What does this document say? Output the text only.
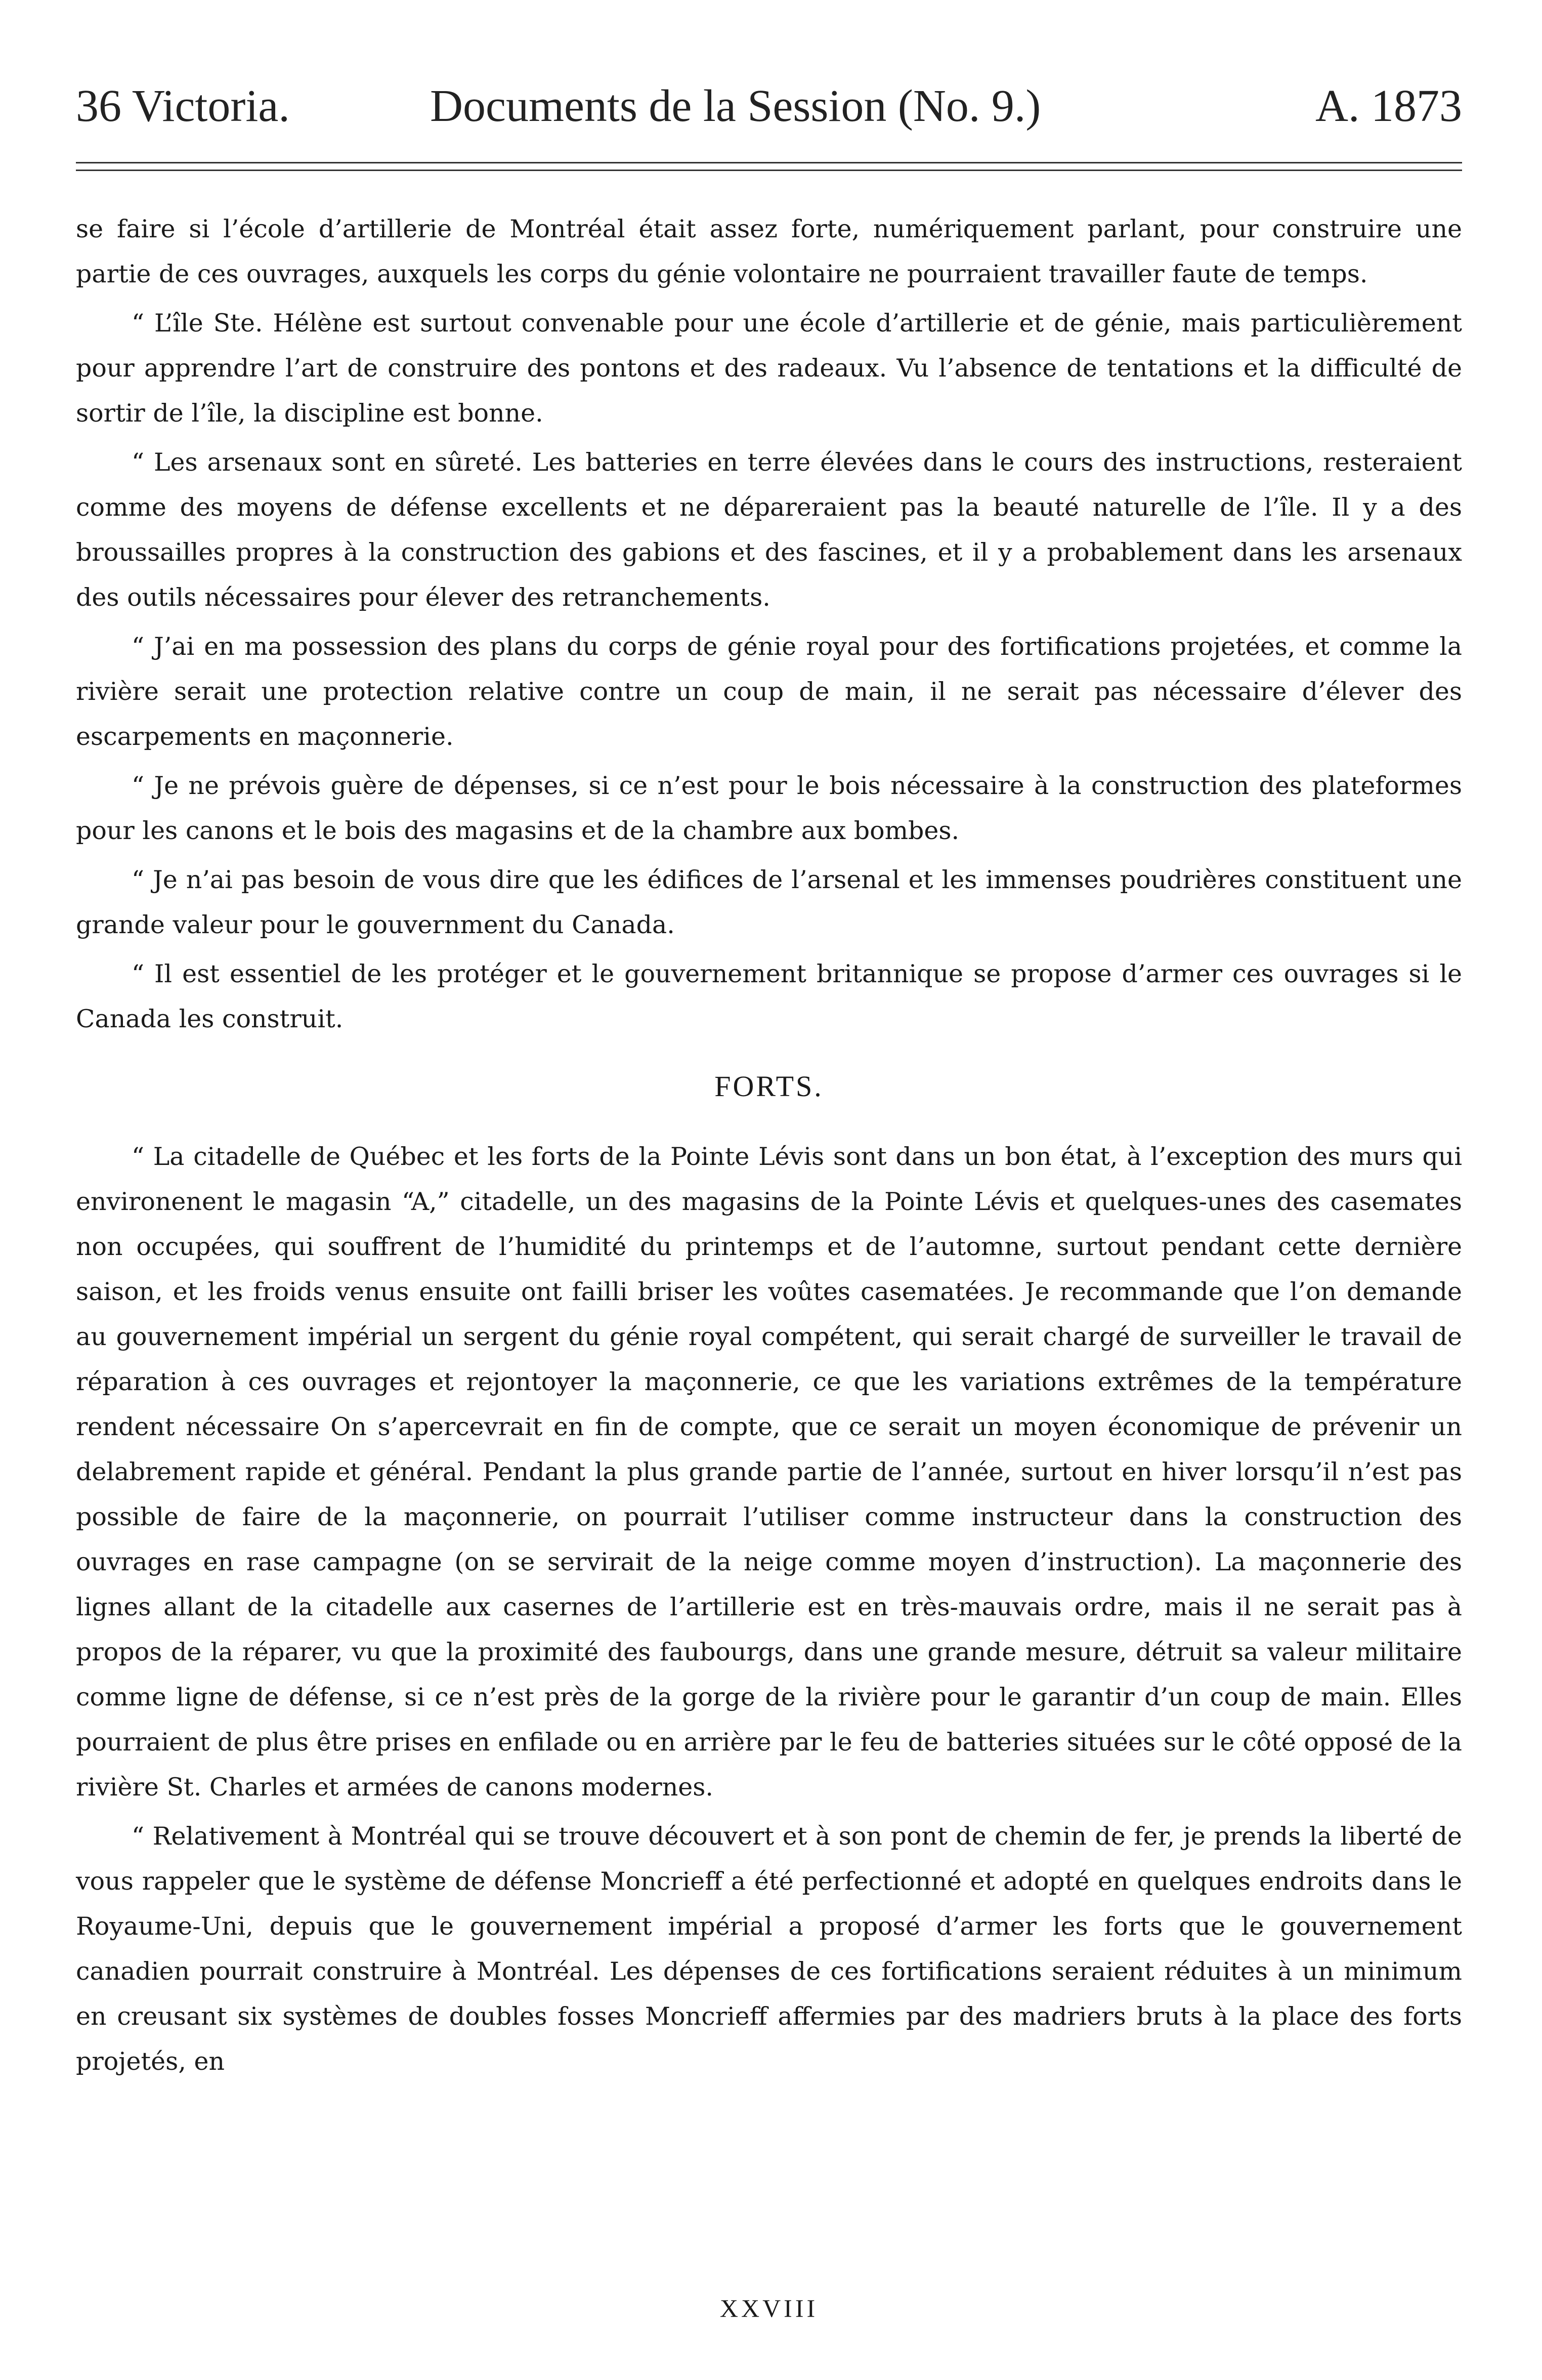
36 Victoria.	Documents de la Session (No. 9.)	A. 1873

se faire si l’école d’artillerie de Montréal était assez forte, numériquement parlant, pour construire une partie de ces ouvrages, auxquels les corps du génie volontaire ne pourraient travailler faute de temps.

“ L’île Ste. Hélène est surtout convenable pour une école d’artillerie et de génie, mais particulièrement pour apprendre l’art de construire des pontons et des radeaux. Vu l’absence de tentations et la difficulté de sortir de l’île, la discipline est bonne.

“ Les arsenaux sont en sûreté. Les batteries en terre élevées dans le cours des instructions, resteraient comme des moyens de défense excellents et ne dépareraient pas la beauté naturelle de l’île. Il y a des broussailles propres à la construction des gabions et des fascines, et il y a probablement dans les arsenaux des outils nécessaires pour élever des retranchements.

“ J’ai en ma possession des plans du corps de génie royal pour des fortifications projetées, et comme la rivière serait une protection relative contre un coup de main, il ne serait pas nécessaire d’élever des escarpements en maçonnerie.

“ Je ne prévois guère de dépenses, si ce n’est pour le bois nécessaire à la construction des plateformes pour les canons et le bois des magasins et de la chambre aux bombes.

“ Je n’ai pas besoin de vous dire que les édifices de l’arsenal et les immenses poudrières constituent une grande valeur pour le gouvernment du Canada.

“ Il est essentiel de les protéger et le gouvernement britannique se propose d’armer ces ouvrages si le Canada les construit.

FORTS.

“ La citadelle de Québec et les forts de la Pointe Lévis sont dans un bon état, à l’exception des murs qui environenent le magasin “A,” citadelle, un des magasins de la Pointe Lévis et quelques-unes des casemates non occupées, qui souffrent de l’humidité du printemps et de l’automne, surtout pendant cette dernière saison, et les froids venus ensuite ont failli briser les voûtes casematées. Je recommande que l’on demande au gouvernement impérial un sergent du génie royal compétent, qui serait chargé de surveiller le travail de réparation à ces ouvrages et rejontoyer la maçonnerie, ce que les variations extrêmes de la température rendent nécessaire On s’apercevrait en fin de compte, que ce serait un moyen économique de prévenir un delabrement rapide et général. Pendant la plus grande partie de l’année, surtout en hiver lorsqu’il n’est pas possible de faire de la maçonnerie, on pourrait l’utiliser comme instructeur dans la construction des ouvrages en rase campagne (on se servirait de la neige comme moyen d’instruction). La maçonnerie des lignes allant de la citadelle aux casernes de l’artillerie est en très-mauvais ordre, mais il ne serait pas à propos de la réparer, vu que la proximité des faubourgs, dans une grande mesure, détruit sa valeur militaire comme ligne de défense, si ce n’est près de la gorge de la rivière pour le garantir d’un coup de main. Elles pourraient de plus être prises en enfilade ou en arrière par le feu de batteries situées sur le côté opposé de la rivière St. Charles et armées de canons modernes.

“ Relativement à Montréal qui se trouve découvert et à son pont de chemin de fer, je prends la liberté de vous rappeler que le système de défense Moncrieff a été perfectionné et adopté en quelques endroits dans le Royaume-Uni, depuis que le gouvernement impérial a proposé d’armer les forts que le gouvernement canadien pourrait construire à Montréal. Les dépenses de ces fortifications seraient réduites à un minimum en creusant six systèmes de doubles fosses Moncrieff affermies par des madriers bruts à la place des forts projetés, en

XXVIII
